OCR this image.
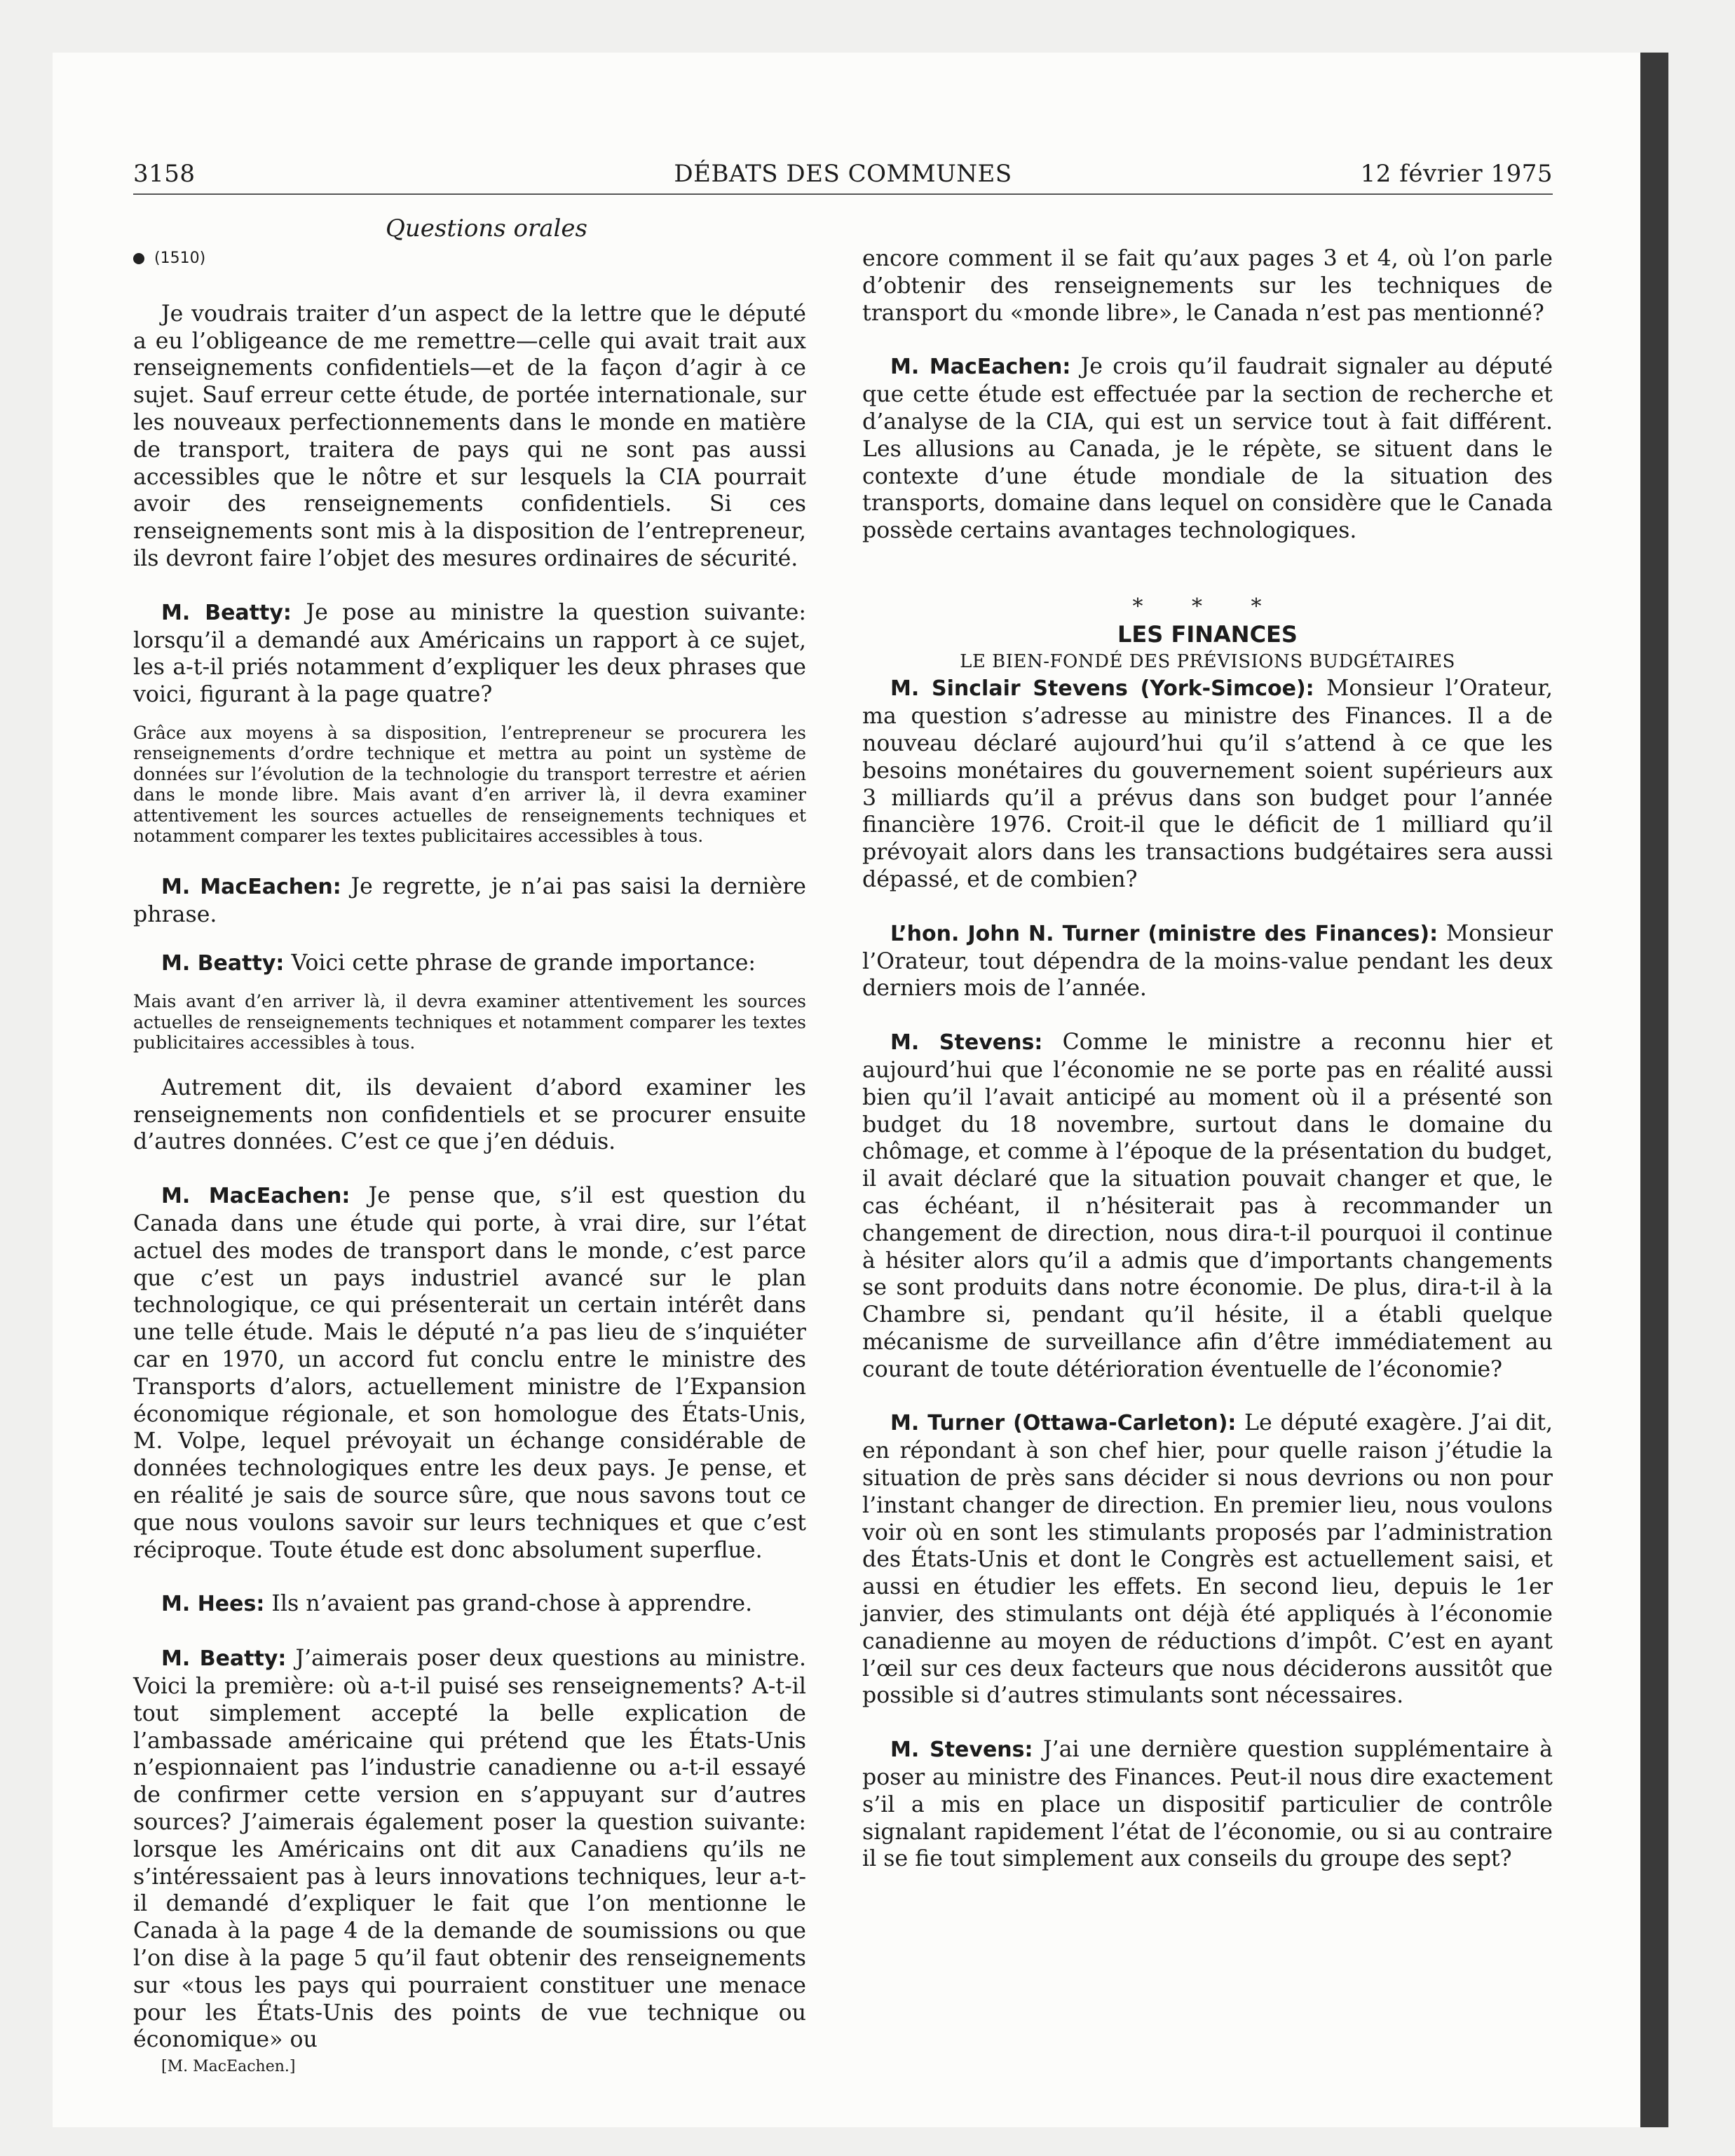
3158	DÉBATS DES COMMUNES	12 février 1975
Questions orales
(1510)

Je voudrais traiter d’un aspect de la lettre que le député a eu l’obligeance de me remettre—celle qui avait trait aux renseignements confidentiels—et de la façon d’agir à ce sujet. Sauf erreur cette étude, de portée internationale, sur les nouveaux perfectionnements dans le monde en matière de transport, traitera de pays qui ne sont pas aussi accessibles que le nôtre et sur lesquels la CIA pourrait avoir des renseignements confidentiels. Si ces renseignements sont mis à la disposition de l’entrepreneur, ils devront faire l’objet des mesures ordinaires de sécurité.

M. Beatty: Je pose au ministre la question suivante: lorsqu’il a demandé aux Américains un rapport à ce sujet, les a-t-il priés notamment d’expliquer les deux phrases que voici, figurant à la page quatre?

Grâce aux moyens à sa disposition, l’entrepreneur se procurera les renseignements d’ordre technique et mettra au point un système de données sur l’évolution de la technologie du transport terrestre et aérien dans le monde libre. Mais avant d’en arriver là, il devra examiner attentivement les sources actuelles de renseignements techniques et notamment comparer les textes publicitaires accessibles à tous.

M. MacEachen: Je regrette, je n’ai pas saisi la dernière phrase.

M. Beatty: Voici cette phrase de grande importance:

Mais avant d’en arriver là, il devra examiner attentivement les sources actuelles de renseignements techniques et notamment comparer les textes publicitaires accessibles à tous.

Autrement dit, ils devaient d’abord examiner les renseignements non confidentiels et se procurer ensuite d’autres données. C’est ce que j’en déduis.

M. MacEachen: Je pense que, s’il est question du Canada dans une étude qui porte, à vrai dire, sur l’état actuel des modes de transport dans le monde, c’est parce que c’est un pays industriel avancé sur le plan technologique, ce qui présenterait un certain intérêt dans une telle étude. Mais le député n’a pas lieu de s’inquiéter car en 1970, un accord fut conclu entre le ministre des Transports d’alors, actuellement ministre de l’Expansion économique régionale, et son homologue des États-Unis, M. Volpe, lequel prévoyait un échange considérable de données technologiques entre les deux pays. Je pense, et en réalité je sais de source sûre, que nous savons tout ce que nous voulons savoir sur leurs techniques et que c’est réciproque. Toute étude est donc absolument superflue.

M. Hees: Ils n’avaient pas grand-chose à apprendre.

M. Beatty: J’aimerais poser deux questions au ministre. Voici la première: où a-t-il puisé ses renseignements? A-t-il tout simplement accepté la belle explication de l’ambassade américaine qui prétend que les États-Unis n’espionnaient pas l’industrie canadienne ou a-t-il essayé de confirmer cette version en s’appuyant sur d’autres sources? J’aimerais également poser la question suivante: lorsque les Américains ont dit aux Canadiens qu’ils ne s’intéressaient pas à leurs innovations techniques, leur a-t-il demandé d’expliquer le fait que l’on mentionne le Canada à la page 4 de la demande de soumissions ou que l’on dise à la page 5 qu’il faut obtenir des renseignements sur «tous les pays qui pourraient constituer une menace pour les États-Unis des points de vue technique ou économique» ou

[M. MacEachen.]

encore comment il se fait qu’aux pages 3 et 4, où l’on parle d’obtenir des renseignements sur les techniques de transport du «monde libre», le Canada n’est pas mentionné?

M. MacEachen: Je crois qu’il faudrait signaler au député que cette étude est effectuée par la section de recherche et d’analyse de la CIA, qui est un service tout à fait différent. Les allusions au Canada, je le répète, se situent dans le contexte d’une étude mondiale de la situation des transports, domaine dans lequel on considère que le Canada possède certains avantages technologiques.

* * *

LES FINANCES

LE BIEN-FONDÉ DES PRÉVISIONS BUDGÉTAIRES

M. Sinclair Stevens (York-Simcoe): Monsieur l’Orateur, ma question s’adresse au ministre des Finances. Il a de nouveau déclaré aujourd’hui qu’il s’attend à ce que les besoins monétaires du gouvernement soient supérieurs aux 3 milliards qu’il a prévus dans son budget pour l’année financière 1976. Croit-il que le déficit de 1 milliard qu’il prévoyait alors dans les transactions budgétaires sera aussi dépassé, et de combien?

L’hon. John N. Turner (ministre des Finances): Monsieur l’Orateur, tout dépendra de la moins-value pendant les deux derniers mois de l’année.

M. Stevens: Comme le ministre a reconnu hier et aujourd’hui que l’économie ne se porte pas en réalité aussi bien qu’il l’avait anticipé au moment où il a présenté son budget du 18 novembre, surtout dans le domaine du chômage, et comme à l’époque de la présentation du budget, il avait déclaré que la situation pouvait changer et que, le cas échéant, il n’hésiterait pas à recommander un changement de direction, nous dira-t-il pourquoi il continue à hésiter alors qu’il a admis que d’importants changements se sont produits dans notre économie. De plus, dira-t-il à la Chambre si, pendant qu’il hésite, il a établi quelque mécanisme de surveillance afin d’être immédiatement au courant de toute détérioration éventuelle de l’économie?

M. Turner (Ottawa-Carleton): Le député exagère. J’ai dit, en répondant à son chef hier, pour quelle raison j’étudie la situation de près sans décider si nous devrions ou non pour l’instant changer de direction. En premier lieu, nous voulons voir où en sont les stimulants proposés par l’administration des États-Unis et dont le Congrès est actuellement saisi, et aussi en étudier les effets. En second lieu, depuis le 1er janvier, des stimulants ont déjà été appliqués à l’économie canadienne au moyen de réductions d’impôt. C’est en ayant l’œil sur ces deux facteurs que nous déciderons aussitôt que possible si d’autres stimulants sont nécessaires.

M. Stevens: J’ai une dernière question supplémentaire à poser au ministre des Finances. Peut-il nous dire exactement s’il a mis en place un dispositif particulier de contrôle signalant rapidement l’état de l’économie, ou si au contraire il se fie tout simplement aux conseils du groupe des sept?
